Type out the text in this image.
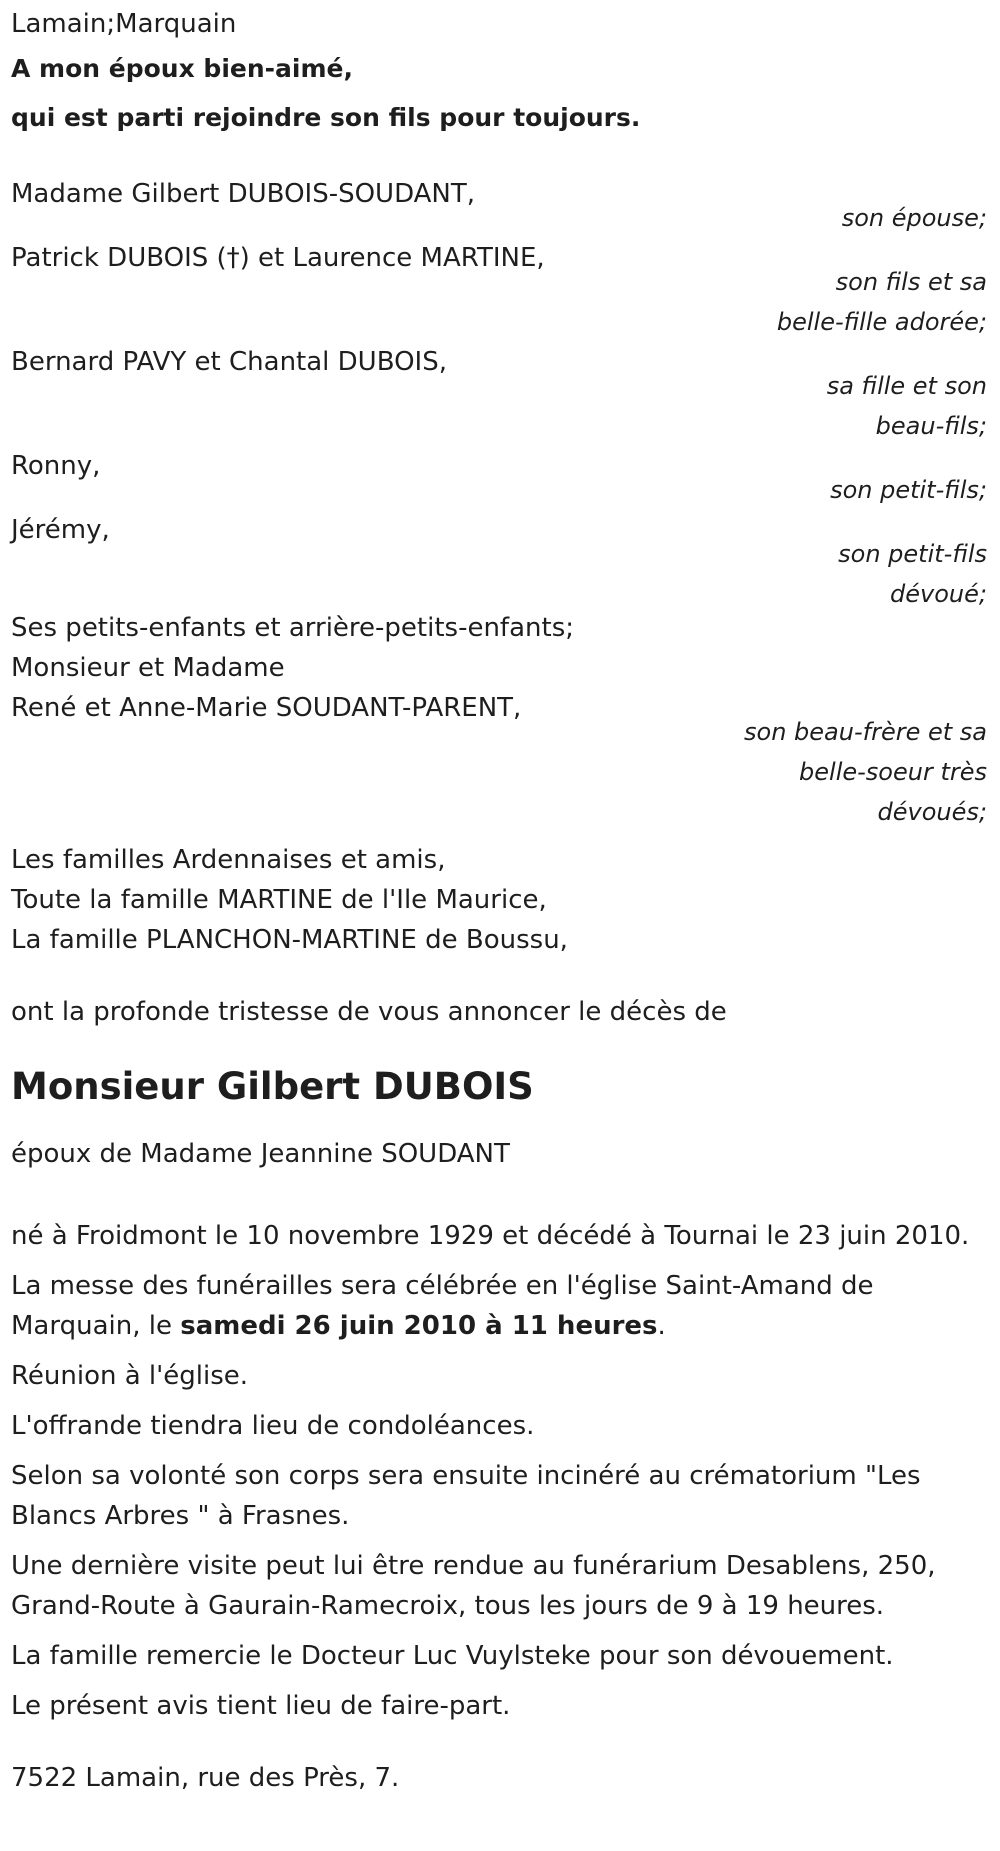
Lamain;Marquain

A mon époux bien-aimé,

qui est parti rejoindre son fils pour toujours.

Madame Gilbert DUBOIS-SOUDANT,
son épouse;
Patrick DUBOIS (†) et Laurence MARTINE,
son fils et sa
belle-fille adorée;
Bernard PAVY et Chantal DUBOIS,
sa fille et son
beau-fils;
Ronny,
son petit-fils;
Jérémy,
son petit-fils
dévoué;
Ses petits-enfants et arrière-petits-enfants;
Monsieur et Madame
René et Anne-Marie SOUDANT-PARENT,
son beau-frère et sa
belle-soeur très
dévoués;

Les familles Ardennaises et amis,

Toute la famille MARTINE de l'Ile Maurice,

La famille PLANCHON-MARTINE de Boussu,

ont la profonde tristesse de vous annoncer le décès de

Monsieur Gilbert DUBOIS

époux de Madame Jeannine SOUDANT

né à Froidmont le 10 novembre 1929 et décédé à Tournai le 23 juin 2010.

La messe des funérailles sera célébrée en l'église Saint-Amand de Marquain, le samedi 26 juin 2010 à 11 heures.

Réunion à l'église.

L'offrande tiendra lieu de condoléances.

Selon sa volonté son corps sera ensuite incinéré au crématorium "Les Blancs Arbres " à Frasnes.

Une dernière visite peut lui être rendue au funérarium Desablens, 250, Grand-Route à Gaurain-Ramecroix, tous les jours de 9 à 19 heures.

La famille remercie le Docteur Luc Vuylsteke pour son dévouement.

Le présent avis tient lieu de faire-part.

7522 Lamain, rue des Près, 7.
